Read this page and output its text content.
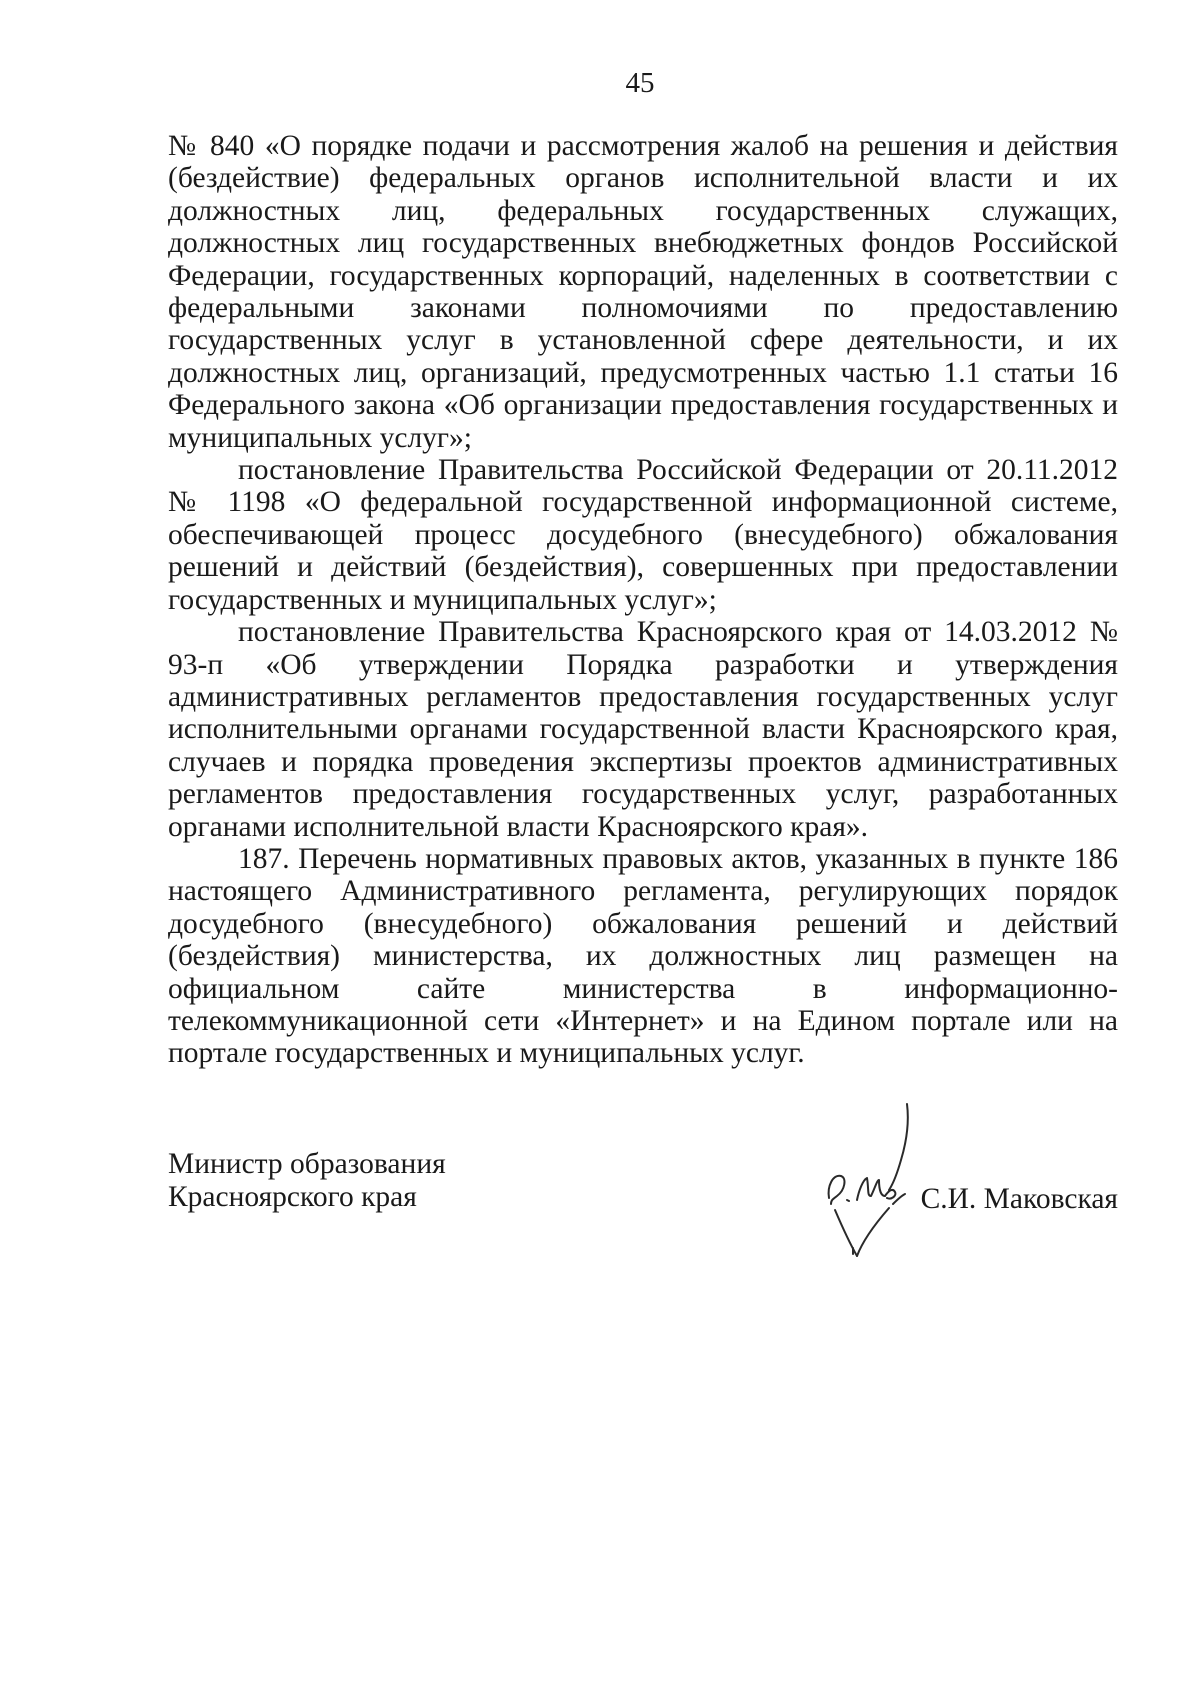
45

№ 840 «О порядке подачи и рассмотрения жалоб на решения и действия (бездействие) федеральных органов исполнительной власти и их должностных лиц, федеральных государственных служащих, должностных лиц государственных внебюджетных фондов Российской Федерации, государственных корпораций, наделенных в соответствии с федеральными законами полномочиями по предоставлению государственных услуг в установленной сфере деятельности, и их должностных лиц, организаций, предусмотренных частью 1.1 статьи 16 Федерального закона «Об организации предоставления государственных и муниципальных услуг»;

постановление Правительства Российской Федерации от 20.11.2012 № 1198 «О федеральной государственной информационной системе, обеспечивающей процесс досудебного (внесудебного) обжалования решений и действий (бездействия), совершенных при предоставлении государственных и муниципальных услуг»;

постановление Правительства Красноярского края от 14.03.2012 № 93-п «Об утверждении Порядка разработки и утверждения административных регламентов предоставления государственных услуг исполнительными органами государственной власти Красноярского края, случаев и порядка проведения экспертизы проектов административных регламентов предоставления государственных услуг, разработанных органами исполнительной власти Красноярского края».

187. Перечень нормативных правовых актов, указанных в пункте 186 настоящего Административного регламента, регулирующих порядок досудебного (внесудебного) обжалования решений и действий (бездействия) министерства, их должностных лиц размещен на официальном сайте министерства в информационно-телекоммуникационной сети «Интернет» и на Едином портале или на портале государственных и муниципальных услуг.

Министр образования
Красноярского края	С.И. Маковская
